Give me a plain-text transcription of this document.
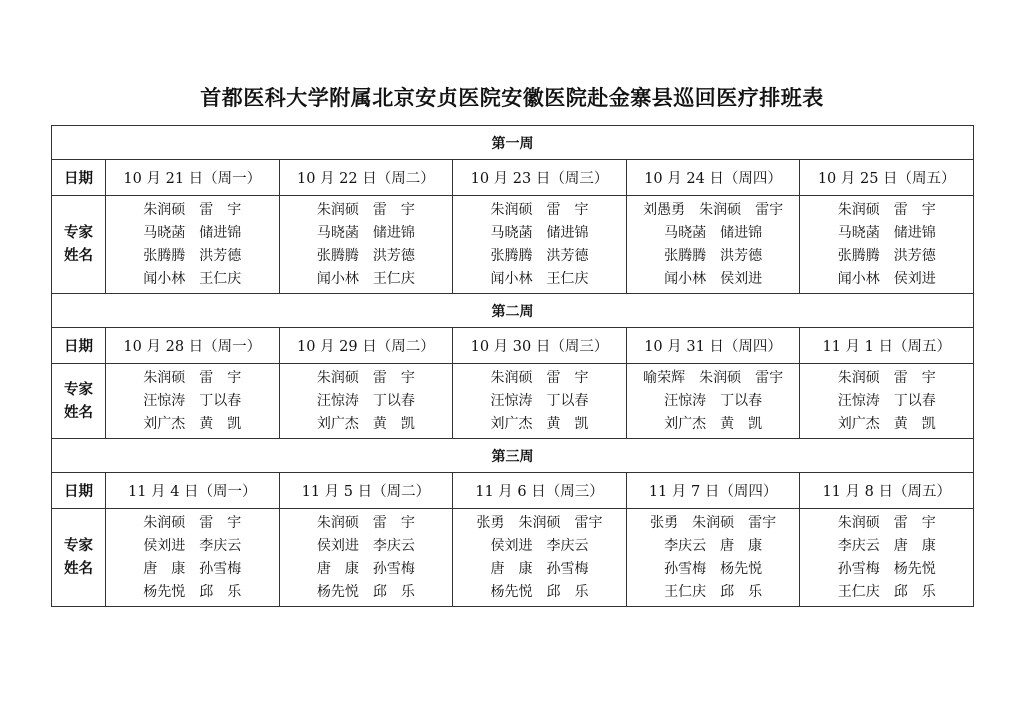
首都医科大学附属北京安贞医院安徽医院赴金寨县巡回医疗排班表
第一周					
日期	10 月 21 日（周一）	10 月 22 日（周二）	10 月 23 日（周三）	10 月 24 日（周四）	10 月 25 日（周五）

专家
姓名	朱润硕　雷　宇
马晓菡　储进锦
张腾腾　洪芳德
闻小林　王仁庆	朱润硕　雷　宇
马晓菡　储进锦
张腾腾　洪芳德
闻小林　王仁庆	朱润硕　雷　宇
马晓菡　储进锦
张腾腾　洪芳德
闻小林　王仁庆	刘愚勇　朱润硕　雷宇
马晓菡　储进锦
张腾腾　洪芳德
闻小林　侯刘进	朱润硕　雷　宇
马晓菡　储进锦
张腾腾　洪芳德
闻小林　侯刘进

第二周					
日期	10 月 28 日（周一）	10 月 29 日（周二）	10 月 30 日（周三）	10 月 31 日（周四）	11 月 1 日（周五）

专家
姓名	朱润硕　雷　宇
汪惊涛　丁以春
刘广杰　黄　凯	朱润硕　雷　宇
汪惊涛　丁以春
刘广杰　黄　凯	朱润硕　雷　宇
汪惊涛　丁以春
刘广杰　黄　凯	喻荣辉　朱润硕　雷宇
汪惊涛　丁以春
刘广杰　黄　凯	朱润硕　雷　宇
汪惊涛　丁以春
刘广杰　黄　凯

第三周					
日期	11 月 4 日（周一）	11 月 5 日（周二）	11 月 6 日（周三）	11 月 7 日（周四）	11 月 8 日（周五）

专家
姓名	朱润硕　雷　宇
侯刘进　李庆云
唐　康　孙雪梅
杨先悦　邱　乐	朱润硕　雷　宇
侯刘进　李庆云
唐　康　孙雪梅
杨先悦　邱　乐	张勇　朱润硕　雷宇
侯刘进　李庆云
唐　康　孙雪梅
杨先悦　邱　乐	张勇　朱润硕　雷宇
李庆云　唐　康
孙雪梅　杨先悦
王仁庆　邱　乐	朱润硕　雷　宇
李庆云　唐　康
孙雪梅　杨先悦
王仁庆　邱　乐
